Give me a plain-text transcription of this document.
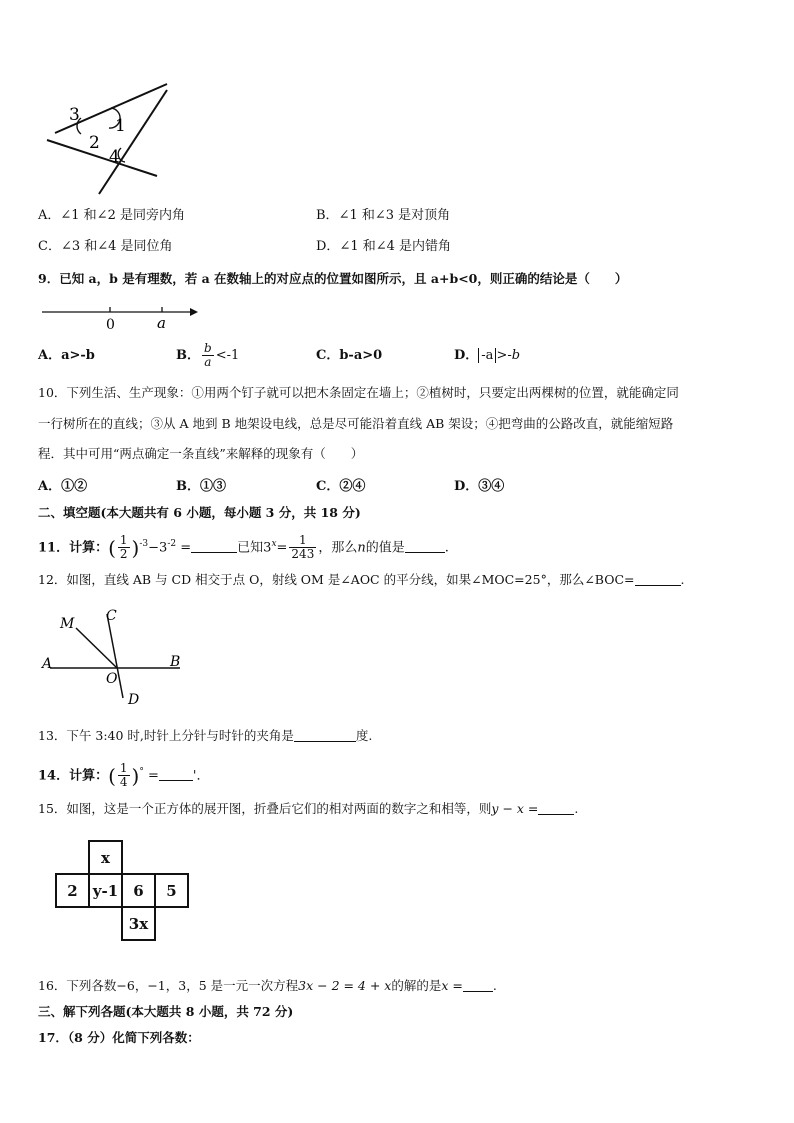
3
2
1
4
A．∠1 和∠2 是同旁内角	B．∠1 和∠3 是对顶角
C．∠3 和∠4 是同位角	D．∠1 和∠4 是内错角
9．已知 a，b 是有理数，若 a 在数轴上的对应点的位置如图所示，且 a+b<0，则正确的结论是（　　）
0	a
A．a>-b	B． $\frac{b}{a} <-1$	C．b-a>0	D． -a >-b
10．下列生活、生产现象：①用两个钉子就可以把木条固定在墙上；②植树时，只要定出两棵树的位置，就能确定同
一行树所在的直线；③从 A 地到 B 地架设电线，总是尽可能沿着直线 AB 架设；④把弯曲的公路改直，就能缩短路
程．其中可用“两点确定一条直线”来解释的现象有（　　）
A．①②	B．①③	C．②④	D．③④
二、填空题(本大题共有 6 小题，每小题 3 分，共 18 分)
11．计算：( $\frac{1}{2} )^{-3}-3^{-2}$ =	已知$3^x= \frac{1}{243}$ ，那么n的值是	.
12．如图，直线 AB 与 CD 相交于点 O，射线 OM 是∠AOC 的平分线，如果∠MOC=25°，那么∠BOC=	.
M C
A	B
O
D
13．下午 3:40 时,时针上分针与时针的夹角是	度.
14．计算：( $\frac{1}{4} )^\circ$ =	'．
15．如图，这是一个正方体的展开图，折叠后它们的相对两面的数字之和相等，则y − x =	.
x
2	y-1	6	5
3x
16．下列各数−6，−1，3，5 是一元一次方程3x − 2 = 4 + x的解的是x = .
三、解下列各题(本大题共 8 小题，共 72 分)
17．（8 分）化简下列各数：
